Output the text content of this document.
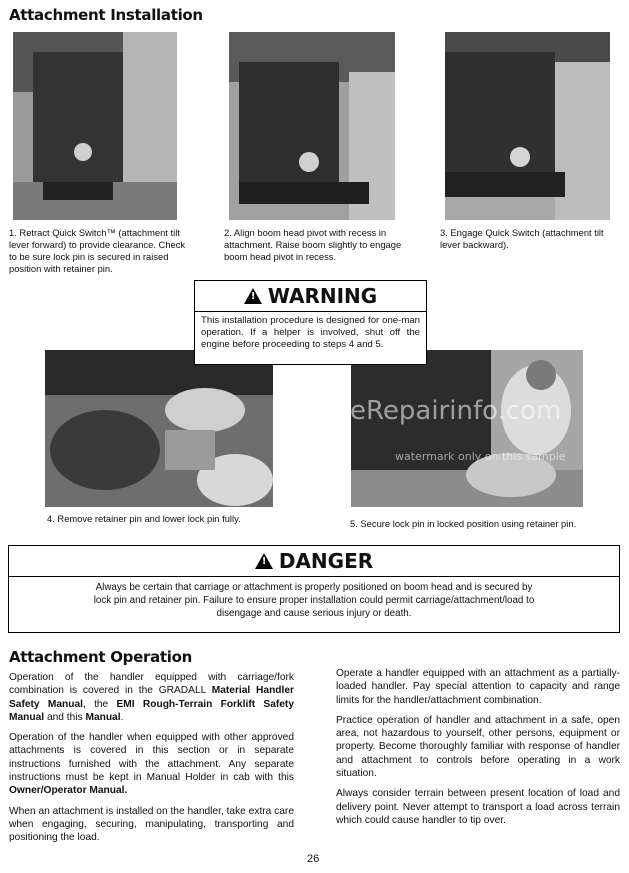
Attachment Installation
1. Retract Quick Switch™ (attachment tilt lever forward) to provide clearance. Check to be sure lock pin is secured in raised position with retainer pin.
2. Align boom head pivot with recess in attachment. Raise boom slightly to engage boom head pivot in recess.
3. Engage Quick Switch (attachment tilt lever backward).
eRepairinfo.com
watermark only on this sample
!WARNING
This installation procedure is designed for one-man operation. If a helper is involved, shut off the engine before proceeding to steps 4 and 5.
4. Remove retainer pin and lower lock pin fully.	5. Secure lock pin in locked position using retainer pin.
!DANGER
Always be certain that carriage or attachment is properly positioned on boom head and is secured by lock pin and retainer pin. Failure to ensure proper installation could permit carriage/attachment/load to disengage and cause serious injury or death.
Attachment Operation

Operation of the handler equipped with carriage/fork combination is covered in the GRADALL Material Handler Safety Manual, the EMI Rough-Terrain Forklift Safety Manual and this Manual.

Operation of the handler when equipped with other approved attachments is covered in this section or in separate instructions furnished with the attachment. Any separate instructions must be kept in Manual Holder in cab with this Owner/Operator Manual.

When an attachment is installed on the handler, take extra care when engaging, securing, manipulating, transporting and positioning the load.

Operate a handler equipped with an attachment as a partially-loaded handler. Pay special attention to capacity and range limits for the handler/attachment combination.

Practice operation of handler and attachment in a safe, open area, not hazardous to yourself, other persons, equipment or property. Become thoroughly familiar with response of handler and attachment to controls before operating in a work situation.

Always consider terrain between present location of load and delivery point. Never attempt to transport a load across terrain which could cause handler to tip over.

26
